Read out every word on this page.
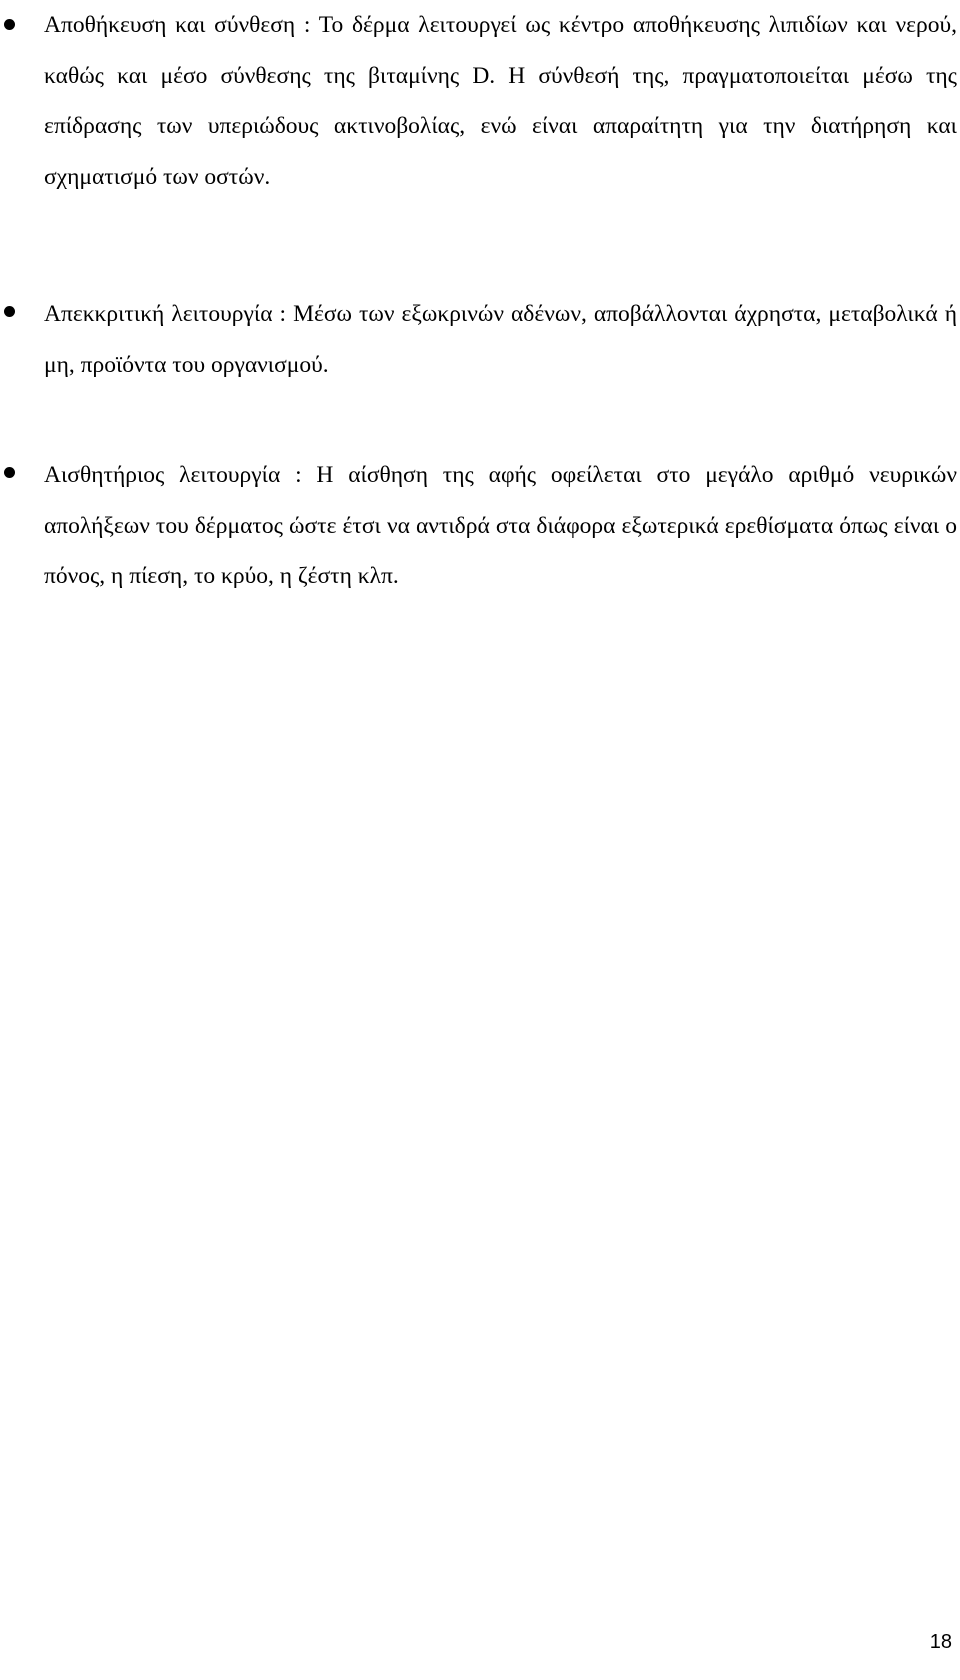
Αποθήκευση και σύνθεση : Το δέρμα λειτουργεί ως κέντρο αποθήκευσης λιπιδίων και νερού, καθώς και μέσο σύνθεσης της βιταμίνης D. Η σύνθεσή της, πραγματοποιείται μέσω της επίδρασης των υπεριώδους ακτινοβολίας, ενώ είναι απαραίτητη για την διατήρηση και σχηματισμό των οστών.
Απεκκριτική λειτουργία : Μέσω των εξωκρινών αδένων, αποβάλλονται άχρηστα, μεταβολικά ή μη, προϊόντα του οργανισμού.
Αισθητήριος λειτουργία : Η αίσθηση της αφής οφείλεται στο μεγάλο αριθμό νευρικών απολήξεων του δέρματος ώστε έτσι να αντιδρά στα διάφορα εξωτερικά ερεθίσματα όπως είναι ο πόνος, η πίεση, το κρύο, η ζέστη κλπ.
18
